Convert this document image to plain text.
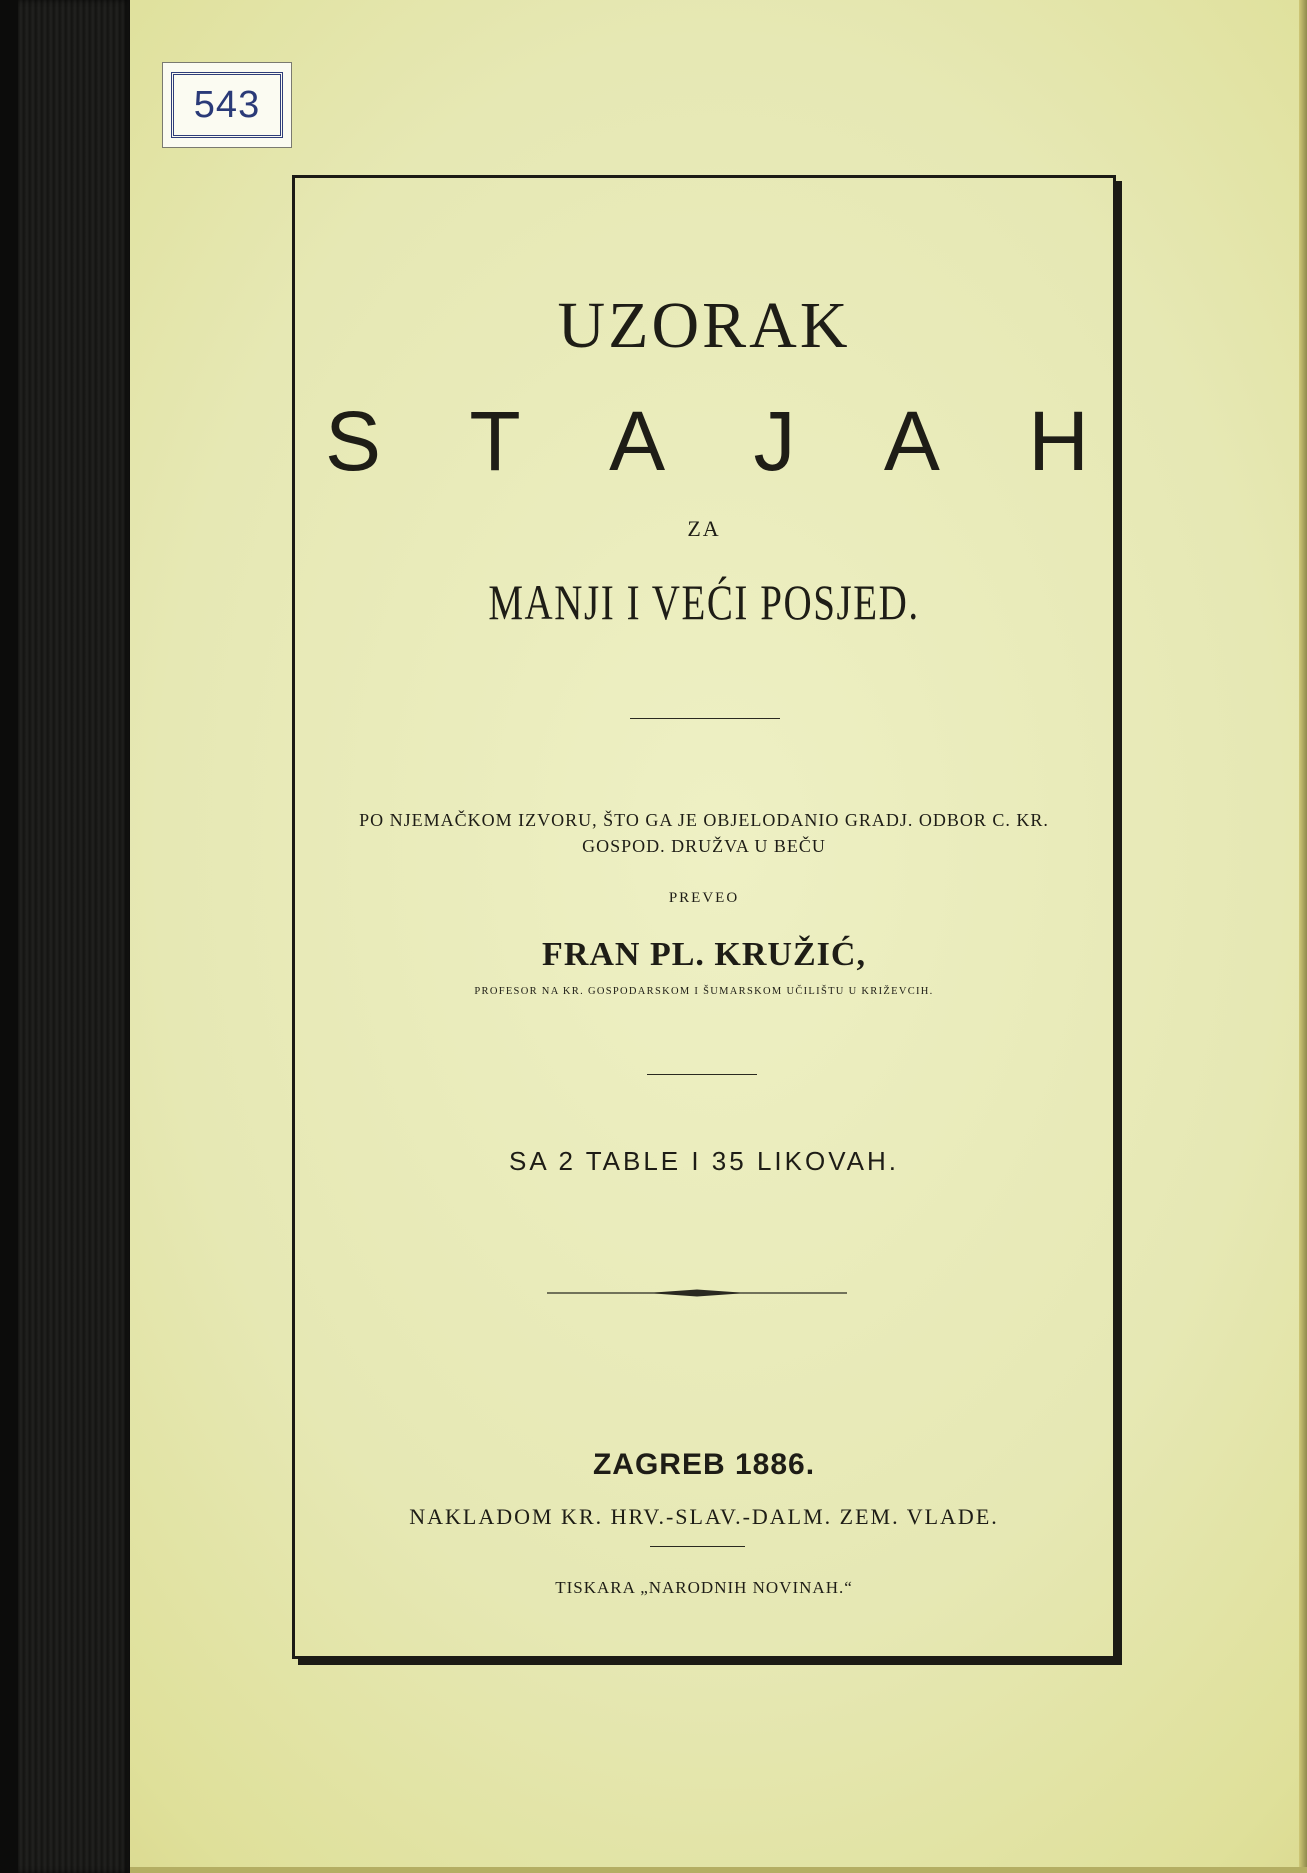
543
UZORAK
S T A J A H
ZA
MANJI I VEĆI POSJED.
PO NJEMAČKOM IZVORU, ŠTO GA JE OBJELODANIO GRADJ. ODBOR C. KR.
GOSPOD. DRUŽVA U BEČU
PREVEO
FRAN PL. KRUŽIĆ,
PROFESOR NA KR. GOSPODARSKOM I ŠUMARSKOM UČILIŠTU U KRIŽEVCIH.
SA 2 TABLE I 35 LIKOVAH.
ZAGREB 1886.
NAKLADOM KR. HRV.-SLAV.-DALM. ZEM. VLADE.
TISKARA „NARODNIH NOVINAH.“
